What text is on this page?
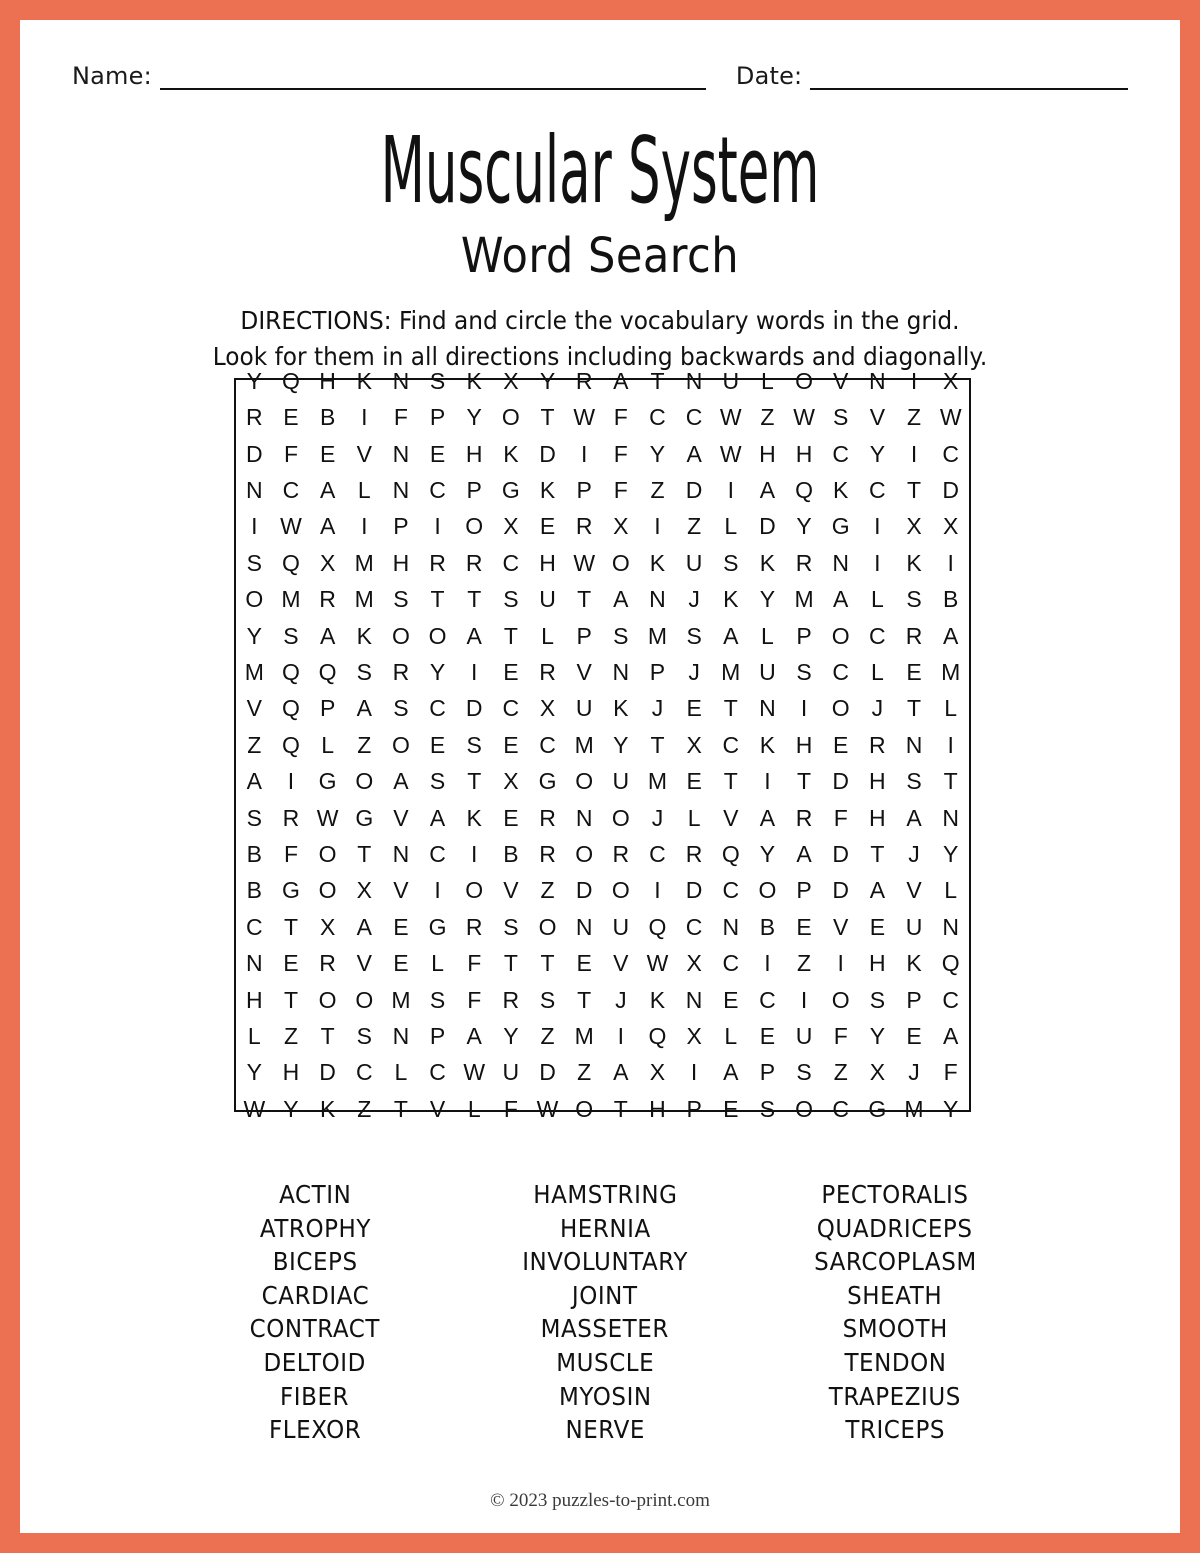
Name:	Date:
Muscular System
Word Search
DIRECTIONS: Find and circle the vocabulary words in the grid.
Look for them in all directions including backwards and diagonally.
Y Q H K N S K X Y R A T N U L O V N	I	X
R E B	I	F P Y O T W F C C W Z W S V Z W
D F E V N E H K D	I	F Y A W H H C Y	I	C
N C A L N C P G K P F Z D	I	A Q K C T D
I W A	I	P	I	O X E R X	I	Z	L D Y G	I	X X
S Q X M H R R C H W O K U S K R N	I	K	I
O M R M S T T S U T A N J	K Y M A L S B
Y S A K O O A T	L P S M S A L P O C R A
M Q Q S R Y	I	E R V N P	J M U S C L E M
V Q P A S C D C X U K	J	E T N	I	O J	T	L
Z Q L	Z O E S E C M Y T X C K H E R N	I
A	I	G O A S T X G O U M E T	I	T D H S T
S R W G V A K E R N O J	L V A R F H A N
B F O T N C	I	B R O R C R Q Y A D T	J	Y
B G O X V	I	O V Z D O	I	D C O P D A V L
C T X A E G R S O N U Q C N B E V E U N
N E R V E L	F T T E V W X C	I	Z	I	H K Q
H T O O M S F R S T	J	K N E C	I	O S P C
L	Z T S N P A Y Z M	I	Q X L E U F Y E A
Y H D C L C W U D Z A X	I	A P S Z X	J	F
W Y K Z T V L	F W O T H P E S O C G M Y
ACTIN
ATROPHY
BICEPS
CARDIAC
CONTRACT
DELTOID
FIBER
FLEXOR
HAMSTRING
HERNIA
INVOLUNTARY
JOINT
MASSETER
MUSCLE
MYOSIN
NERVE
PECTORALIS
QUADRICEPS
SARCOPLASM
SHEATH
SMOOTH
TENDON
TRAPEZIUS
TRICEPS
© 2023 puzzles-to-print.com
